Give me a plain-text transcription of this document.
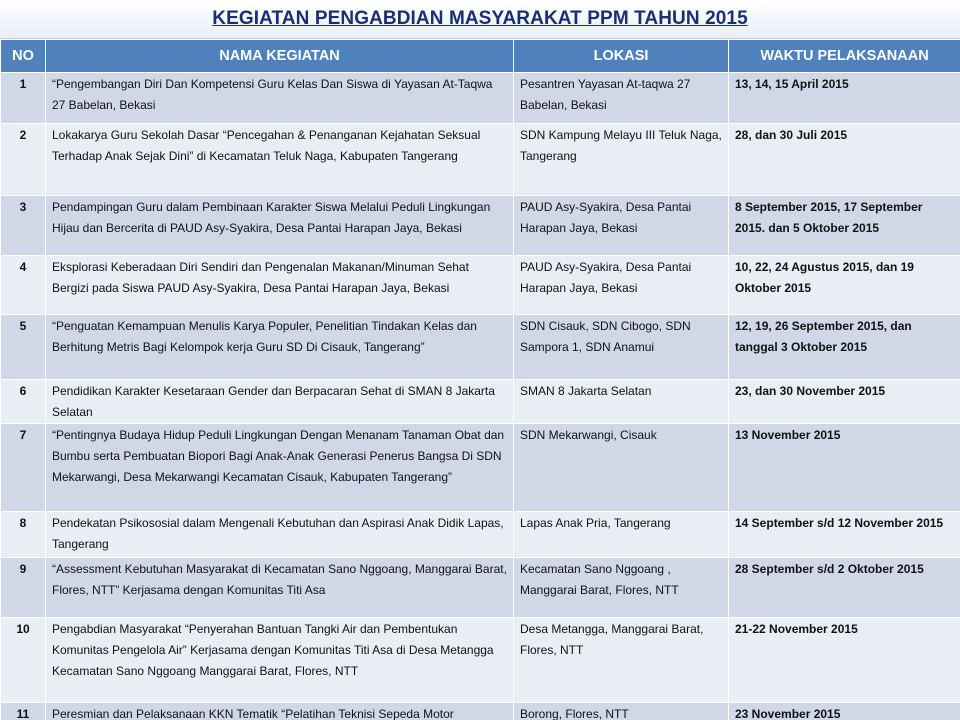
KEGIATAN PENGABDIAN MASYARAKAT PPM TAHUN 2015
NO	NAMA KEGIATAN	LOKASI	WAKTU PELAKSANAAN
1	“Pengembangan Diri Dan Kompetensi Guru Kelas Dan Siswa di Yayasan At-Taqwa 27 Babelan, Bekasi	Pesantren Yayasan At-taqwa 27 Babelan, Bekasi	13, 14, 15 April 2015
2	Lokakarya Guru Sekolah Dasar “Pencegahan & Penanganan Kejahatan Seksual Terhadap Anak Sejak Dini” di Kecamatan Teluk Naga, Kabupaten Tangerang	SDN Kampung Melayu III Teluk Naga, Tangerang	28, dan 30 Juli 2015
3	Pendampingan Guru dalam Pembinaan Karakter Siswa Melalui Peduli Lingkungan Hijau dan Bercerita di PAUD Asy-Syakira, Desa Pantai Harapan Jaya, Bekasi	PAUD Asy-Syakira, Desa Pantai Harapan Jaya, Bekasi	8 September 2015, 17 September 2015. dan 5 Oktober 2015
4	Eksplorasi Keberadaan Diri Sendiri dan Pengenalan Makanan/Minuman Sehat Bergizi pada Siswa PAUD Asy-Syakira, Desa Pantai Harapan Jaya, Bekasi	PAUD Asy-Syakira, Desa Pantai Harapan Jaya, Bekasi	10, 22, 24 Agustus 2015, dan 19 Oktober 2015
5	“Penguatan Kemampuan Menulis Karya Populer, Penelitian Tindakan Kelas dan Berhitung Metris Bagi Kelompok kerja Guru SD Di Cisauk, Tangerang”	SDN Cisauk, SDN Cibogo, SDN Sampora 1, SDN Anamui	12, 19, 26 September 2015, dan tanggal 3 Oktober 2015
6	Pendidikan Karakter Kesetaraan Gender dan Berpacaran Sehat di SMAN 8 Jakarta Selatan	SMAN 8 Jakarta Selatan	23, dan 30 November 2015
7	“Pentingnya Budaya Hidup Peduli Lingkungan Dengan Menanam Tanaman Obat dan Bumbu serta Pembuatan Biopori Bagi Anak-Anak Generasi Penerus Bangsa Di SDN Mekarwangi, Desa Mekarwangi Kecamatan Cisauk, Kabupaten Tangerang”	SDN Mekarwangi, Cisauk	13 November 2015
8	Pendekatan Psikososial dalam Mengenali Kebutuhan dan Aspirasi Anak Didik Lapas, Tangerang	Lapas Anak Pria, Tangerang	14 September s/d 12 November 2015
9	“Assessment Kebutuhan Masyarakat di Kecamatan Sano Nggoang, Manggarai Barat, Flores, NTT” Kerjasama dengan Komunitas Titi Asa	Kecamatan Sano Nggoang , Manggarai Barat, Flores, NTT	28 September s/d 2 Oktober 2015
10	Pengabdian Masyarakat “Penyerahan Bantuan Tangki Air dan Pembentukan Komunitas Pengelola Air” Kerjasama dengan Komunitas Titi Asa di Desa Metangga Kecamatan Sano Nggoang Manggarai Barat, Flores, NTT	Desa Metangga, Manggarai Barat, Flores, NTT	21-22 November 2015
11	Peresmian dan Pelaksanaan KKN Tematik “Pelatihan Teknisi Sepeda Motor	Borong, Flores, NTT	23 November 2015
